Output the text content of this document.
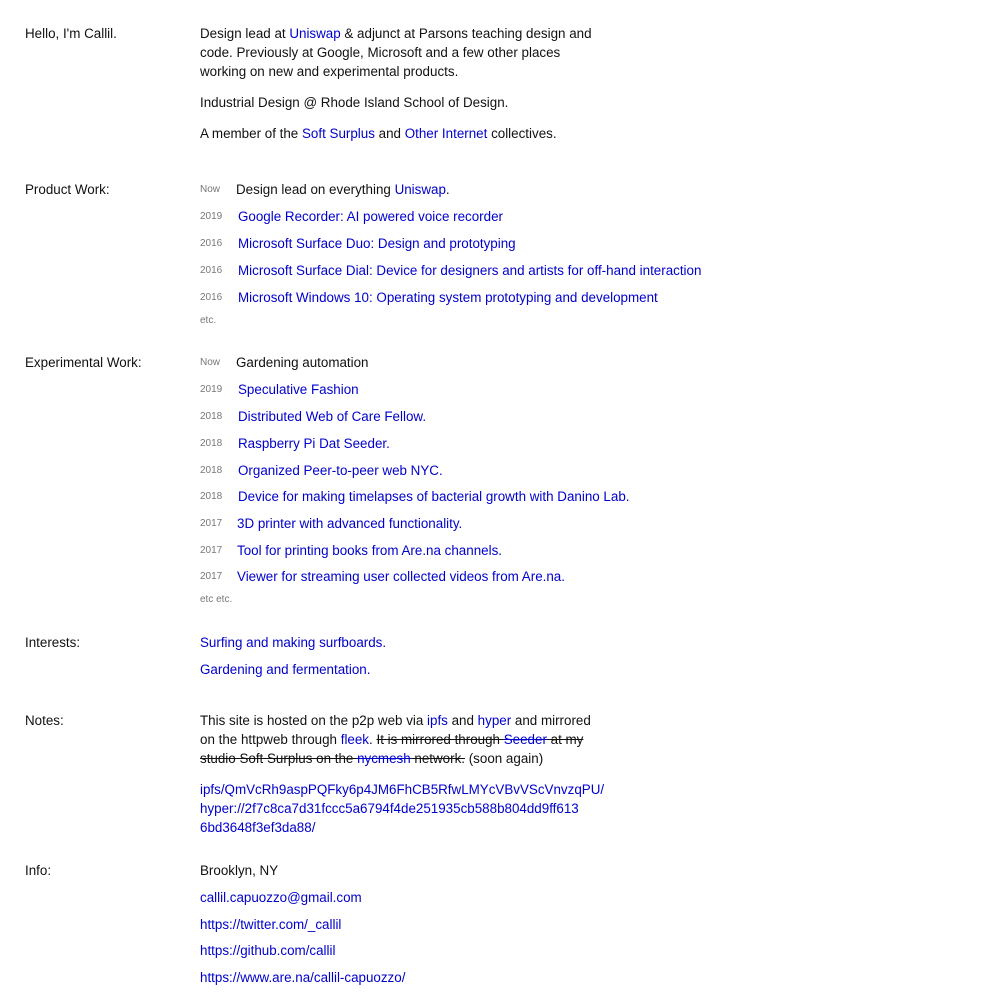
Hello, I'm Callil.	Design lead at Uniswap & adjunct at Parsons teaching design and
code. Previously at Google, Microsoft and a few other places
working on new and experimental products.
Industrial Design @ Rhode Island School of Design.
A member of the Soft Surplus and Other Internet collectives.
Product Work:	Now Design lead on everything Uniswap.
2019 Google Recorder: AI powered voice recorder
2016 Microsoft Surface Duo: Design and prototyping
2016 Microsoft Surface Dial: Device for designers and artists for off-hand interaction
2016 Microsoft Windows 10: Operating system prototyping and development
etc.
Experimental Work:	Now Gardening automation
2019 Speculative Fashion
2018 Distributed Web of Care Fellow.
2018 Raspberry Pi Dat Seeder.
2018 Organized Peer-to-peer web NYC.
2018 Device for making timelapses of bacterial growth with Danino Lab.
2017 3D printer with advanced functionality.
2017 Tool for printing books from Are.na channels.
2017 Viewer for streaming user collected videos from Are.na.
etc etc.
Interests:	Surfing and making surfboards.
Gardening and fermentation.
Notes:	This site is hosted on the p2p web via ipfs and hyper and mirrored
on the httpweb through fleek. It is mirrored through Seeder at my
studio Soft Surplus on the nycmesh network. (soon again)
ipfs/QmVcRh9aspPQFky6p4JM6FhCB5RfwLMYcVBvVScVnvzqPU/
hyper://2f7c8ca7d31fccc5a6794f4de251935cb588b804dd9ff613
6bd3648f3ef3da88/
Info:	Brooklyn, NY
callil.capuozzo@gmail.com
https://twitter.com/_callil
https://github.com/callil
https://www.are.na/callil-capuozzo/
